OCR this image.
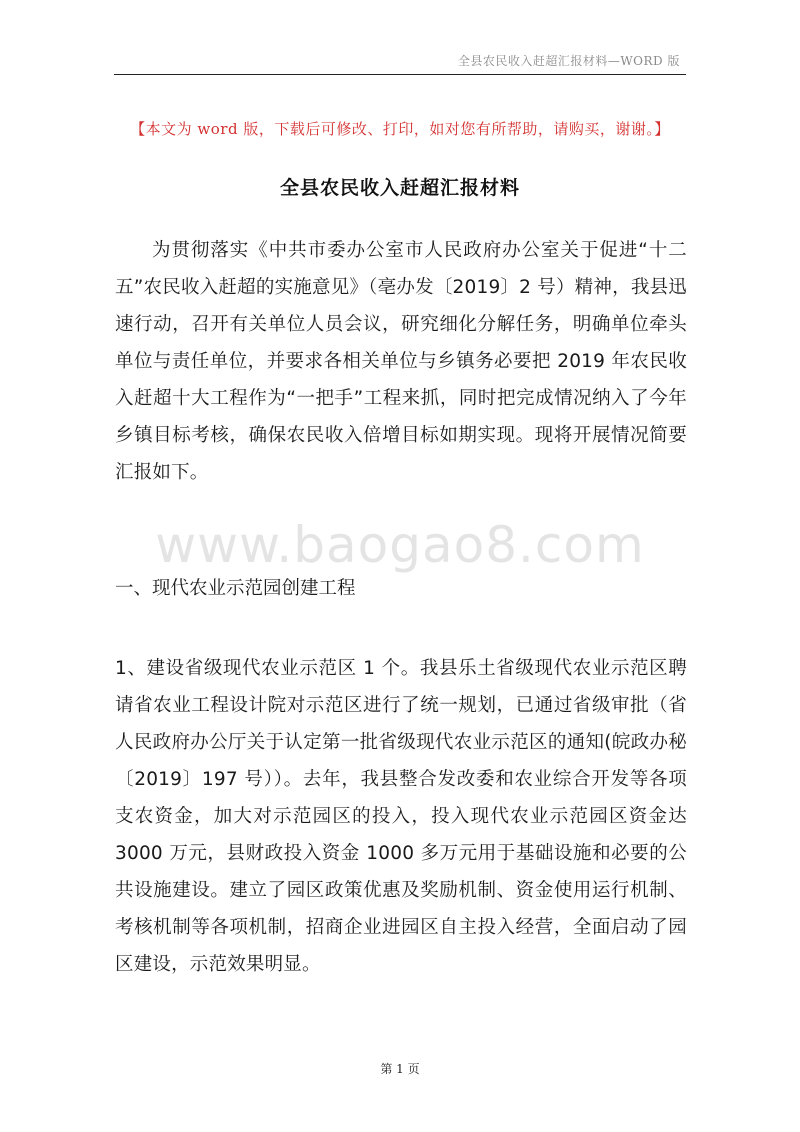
全县农民收入赶超汇报材料—WORD 版
【本文为 word 版，下载后可修改、打印，如对您有所帮助，请购买，谢谢。】
全县农民收入赶超汇报材料
为贯彻落实《中共市委办公室市人民政府办公室关于促进“十二五”农民收入赶超的实施意见》（亳办发〔2019〕2 号）精神，我县迅速行动，召开有关单位人员会议，研究细化分解任务，明确单位牵头单位与责任单位，并要求各相关单位与乡镇务必要把 2019 年农民收入赶超十大工程作为“一把手”工程来抓，同时把完成情况纳入了今年乡镇目标考核，确保农民收入倍增目标如期实现。现将开展情况简要汇报如下。
www.baogao8.com
一、现代农业示范园创建工程
1、建设省级现代农业示范区 1 个。我县乐土省级现代农业示范区聘请省农业工程设计院对示范区进行了统一规划，已通过省级审批（省人民政府办公厅关于认定第一批省级现代农业示范区的通知(皖政办秘〔2019〕197 号））。去年，我县整合发改委和农业综合开发等各项支农资金，加大对示范园区的投入，投入现代农业示范园区资金达 3000 万元，县财政投入资金 1000 多万元用于基础设施和必要的公共设施建设。建立了园区政策优惠及奖励机制、资金使用运行机制、考核机制等各项机制，招商企业进园区自主投入经营，全面启动了园区建设，示范效果明显。
第 1 页
